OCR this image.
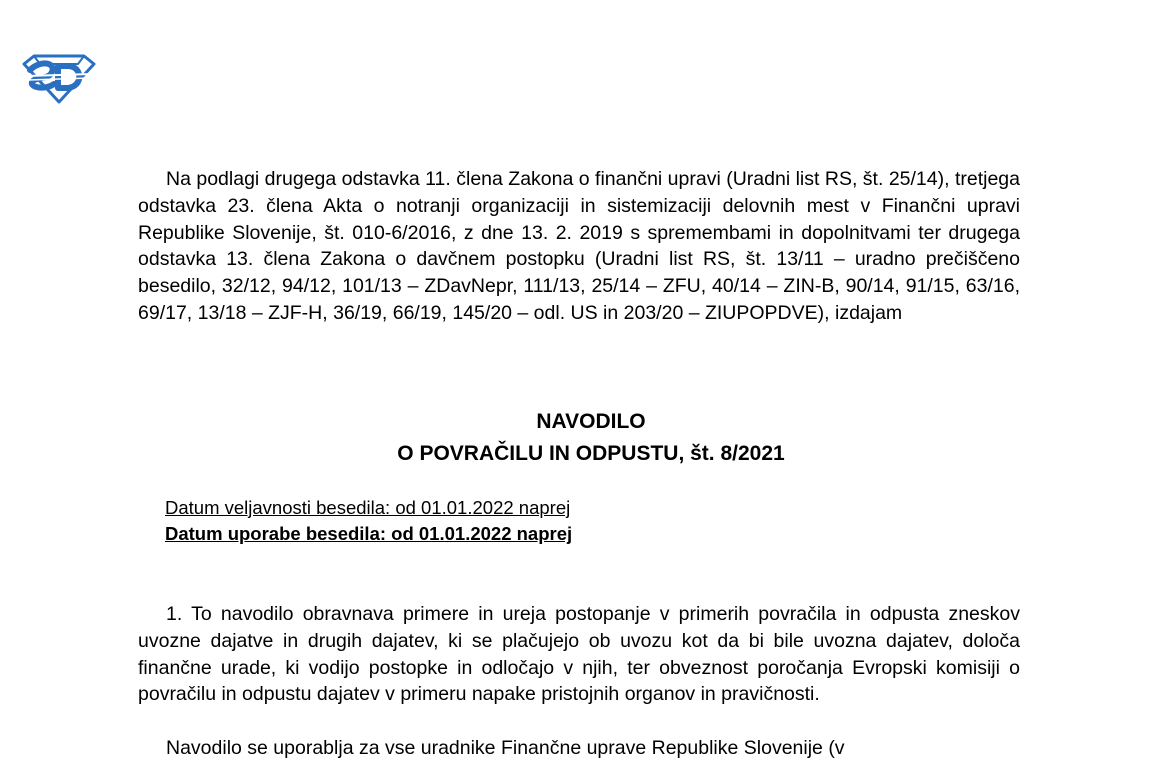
Na podlagi drugega odstavka 11. člena Zakona o finančni upravi (Uradni list RS, št. 25/14), tretjega odstavka 23. člena Akta o notranji organizaciji in sistemizaciji delovnih mest v Finančni upravi Republike Slovenije, št. 010-6/2016, z dne 13. 2. 2019 s spremembami in dopolnitvami ter drugega odstavka 13. člena Zakona o davčnem postopku (Uradni list RS, št. 13/11 – uradno prečiščeno besedilo, 32/12, 94/12, 101/13 – ZDavNepr, 111/13, 25/14 – ZFU, 40/14 – ZIN-B, 90/14, 91/15, 63/16, 69/17, 13/18 – ZJF-H, 36/19, 66/19, 145/20 – odl. US in 203/20 – ZIUPOPDVE), izdajam
NAVODILO
O POVRAČILU IN ODPUSTU, št. 8/2021
Datum veljavnosti besedila: od 01.01.2022 naprej
Datum uporabe besedila: od 01.01.2022 naprej
1. To navodilo obravnava primere in ureja postopanje v primerih povračila in odpusta zneskov uvozne dajatve in drugih dajatev, ki se plačujejo ob uvozu kot da bi bile uvozna dajatev, določa finančne urade, ki vodijo postopke in odločajo v njih, ter obveznost poročanja Evropski komisiji o povračilu in odpustu dajatev v primeru napake pristojnih organov in pravičnosti.
Navodilo se uporablja za vse uradnike Finančne uprave Republike Slovenije (v
